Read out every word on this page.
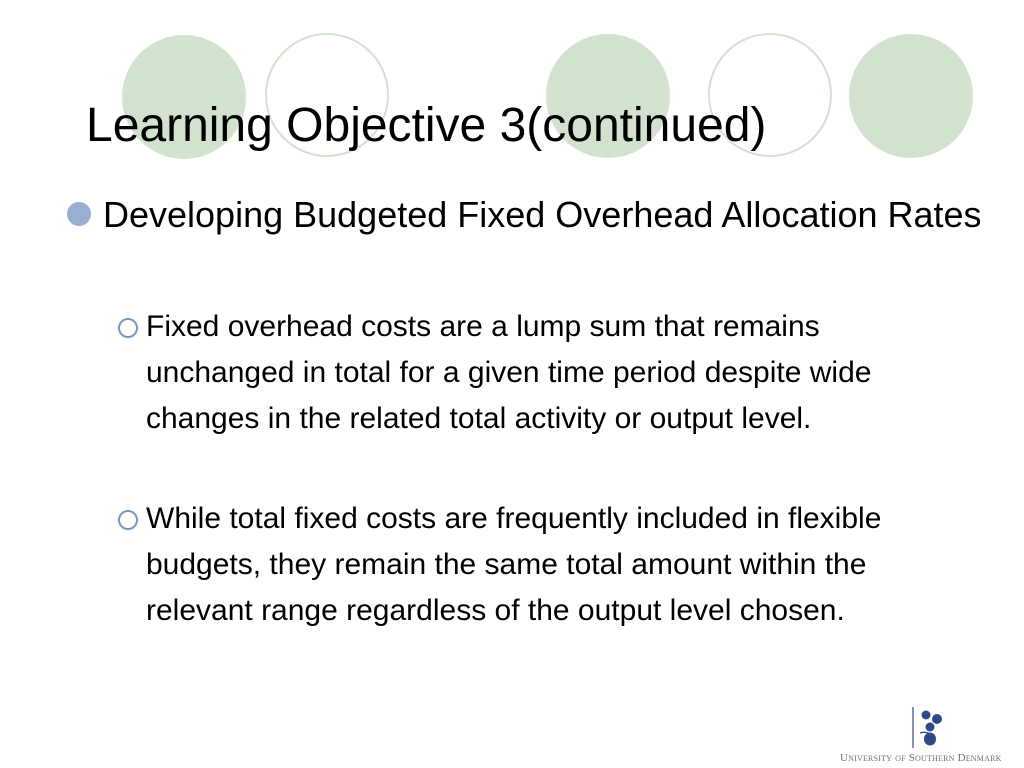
Learning Objective 3(continued)
Developing Budgeted Fixed Overhead Allocation Rates
Fixed overhead costs are a lump sum that remains unchanged in total for a given time period despite wide changes in the related total activity or output level.
While total fixed costs are frequently included in flexible budgets, they remain the same total amount within the relevant range regardless of the output level chosen.
University of Southern Denmark
